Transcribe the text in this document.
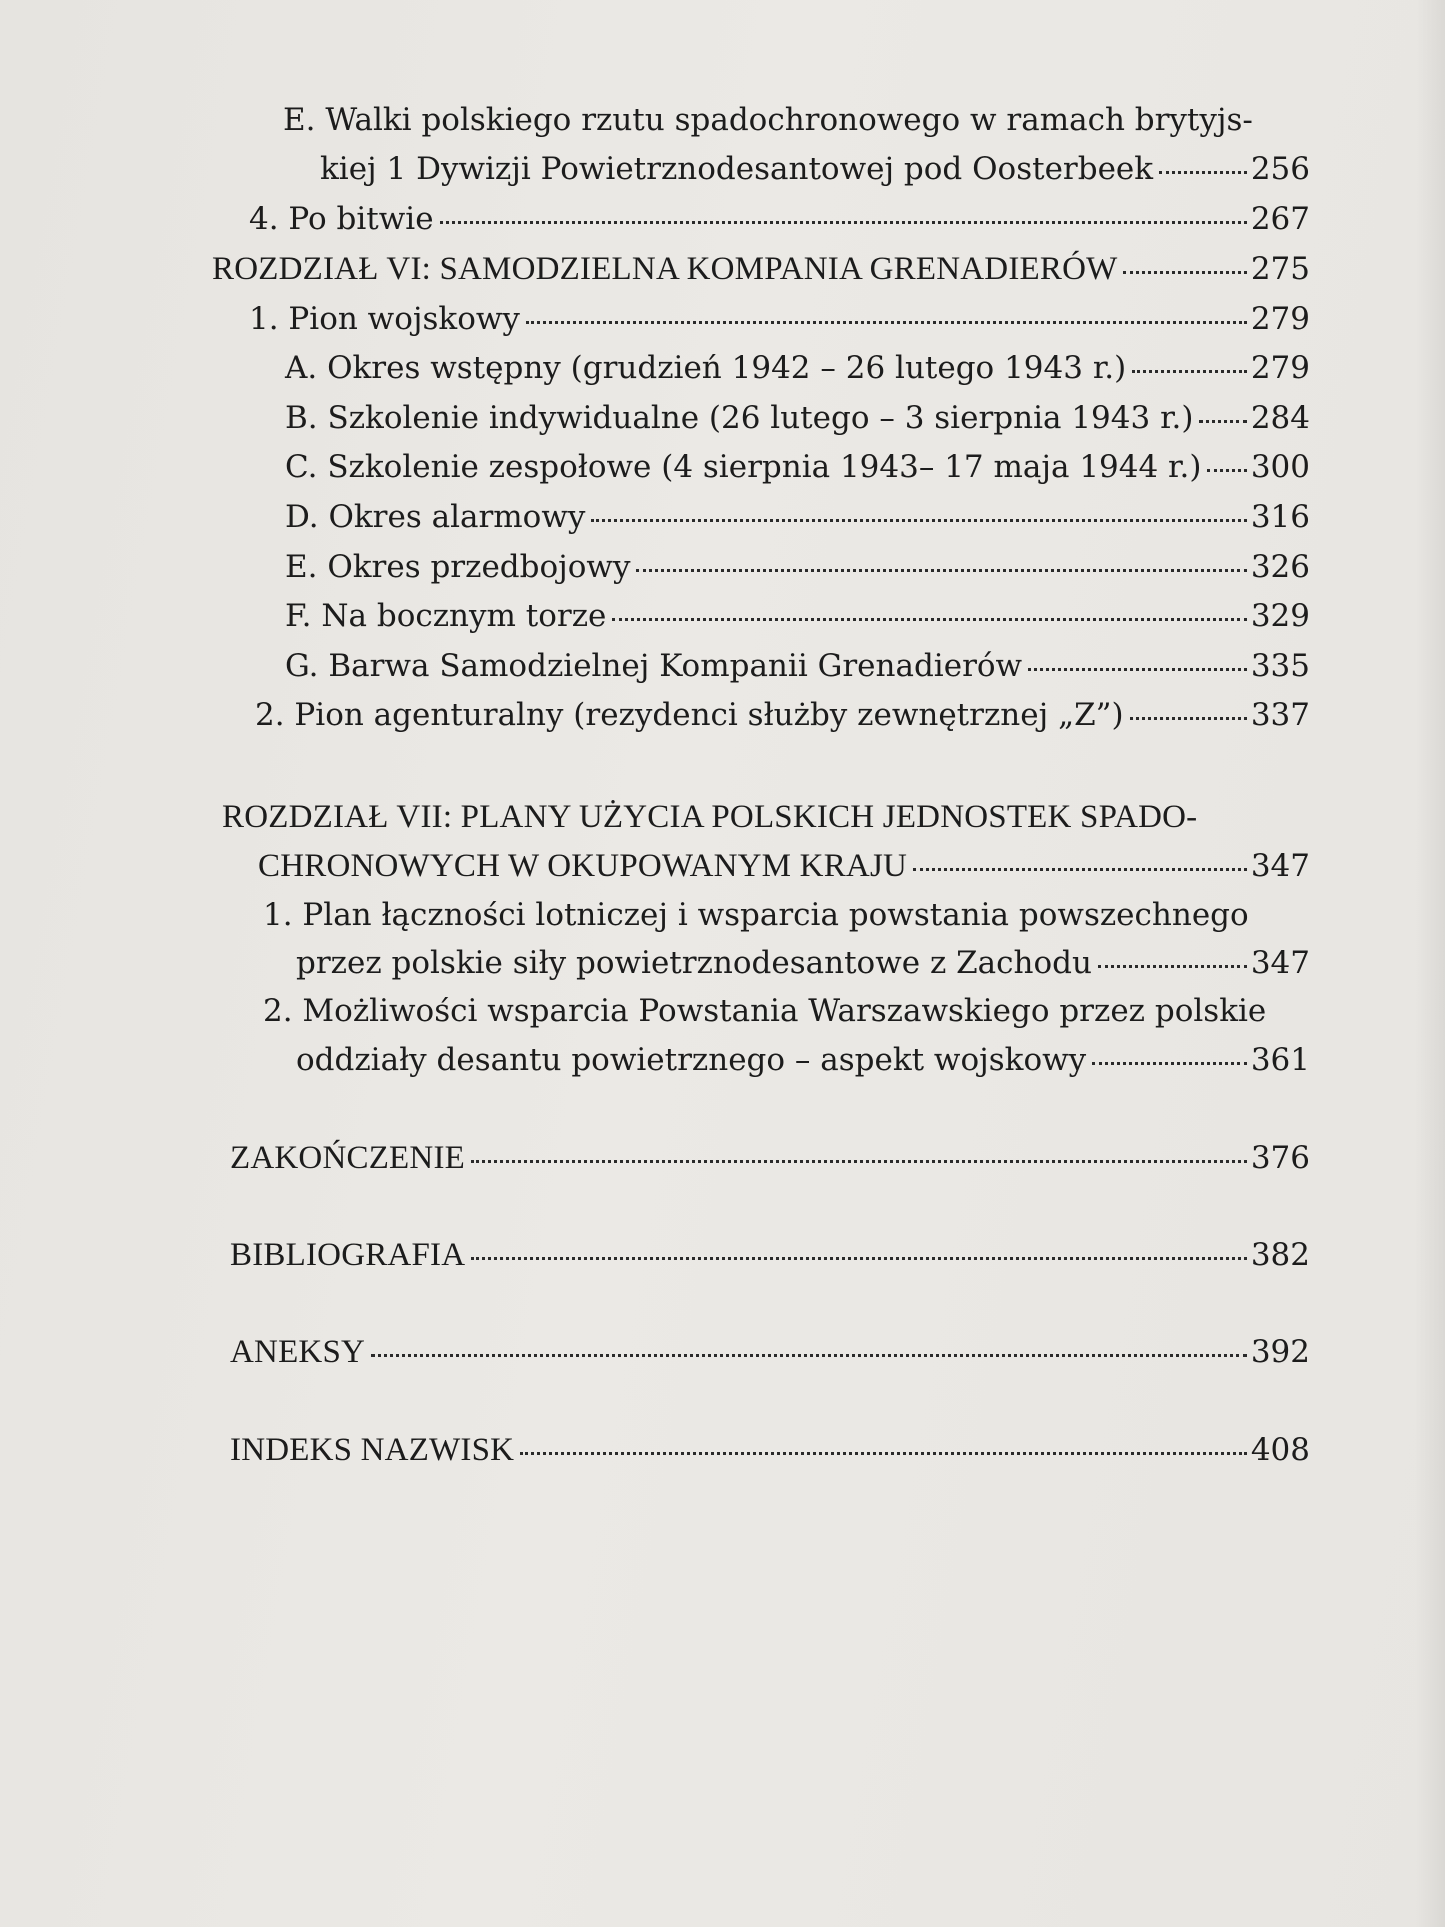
E. Walki polskiego rzutu spadochronowego w ramach brytyjs-
kiej 1 Dywizji Powietrznodesantowej pod Oosterbeek	256
4. Po bitwie	267
ROZDZIAŁ VI: SAMODZIELNA KOMPANIA GRENADIERÓW	275
1. Pion wojskowy	279
A. Okres wstępny (grudzień 1942 – 26 lutego 1943 r.)	279
B. Szkolenie indywidualne (26 lutego – 3 sierpnia 1943 r.) 284
C. Szkolenie zespołowe (4 sierpnia 1943– 17 maja 1944 r.) 300
D. Okres alarmowy	316
E. Okres przedbojowy	326
F. Na bocznym torze	329
G. Barwa Samodzielnej Kompanii Grenadierów	335
2. Pion agenturalny (rezydenci służby zewnętrznej „Z”)	337
ROZDZIAŁ VII: PLANY UŻYCIA POLSKICH JEDNOSTEK SPADO-
CHRONOWYCH W OKUPOWANYM KRAJU	347
1. Plan łączności lotniczej i wsparcia powstania powszechnego
przez polskie siły powietrznodesantowe z Zachodu	347
2. Możliwości wsparcia Powstania Warszawskiego przez polskie
oddziały desantu powietrznego – aspekt wojskowy	361
ZAKOŃCZENIE	376
BIBLIOGRAFIA	382
ANEKSY	392
INDEKS NAZWISK	408
